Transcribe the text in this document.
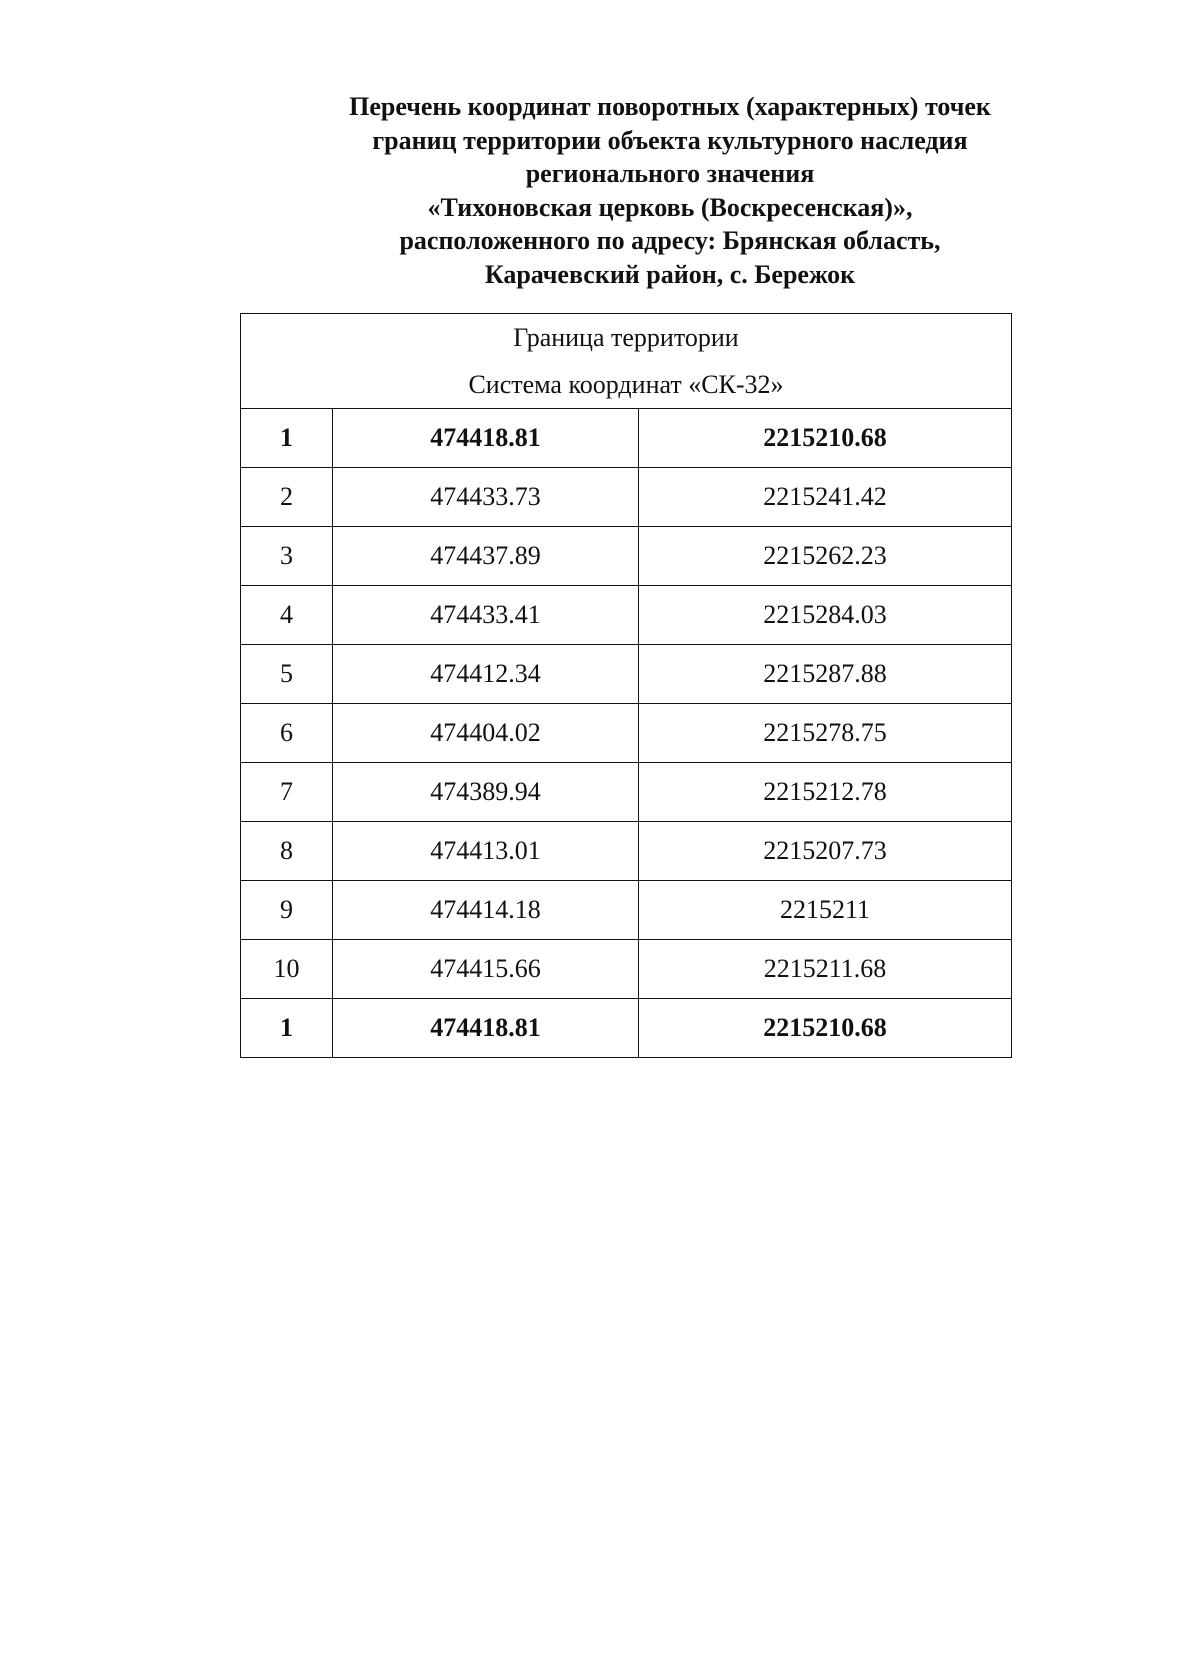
Перечень координат поворотных (характерных) точек
границ территории объекта культурного наследия
регионального значения
«Тихоновская церковь (Воскресенская)»,
расположенного по адресу: Брянская область,
Карачевский район, с. Бережок
Граница территории
Система координат «СК-32»		

1	474418.81	2215210.68
2	474433.73	2215241.42
3	474437.89	2215262.23
4	474433.41	2215284.03
5	474412.34	2215287.88
6	474404.02	2215278.75
7	474389.94	2215212.78
8	474413.01	2215207.73
9	474414.18	2215211
10	474415.66	2215211.68
1	474418.81	2215210.68
